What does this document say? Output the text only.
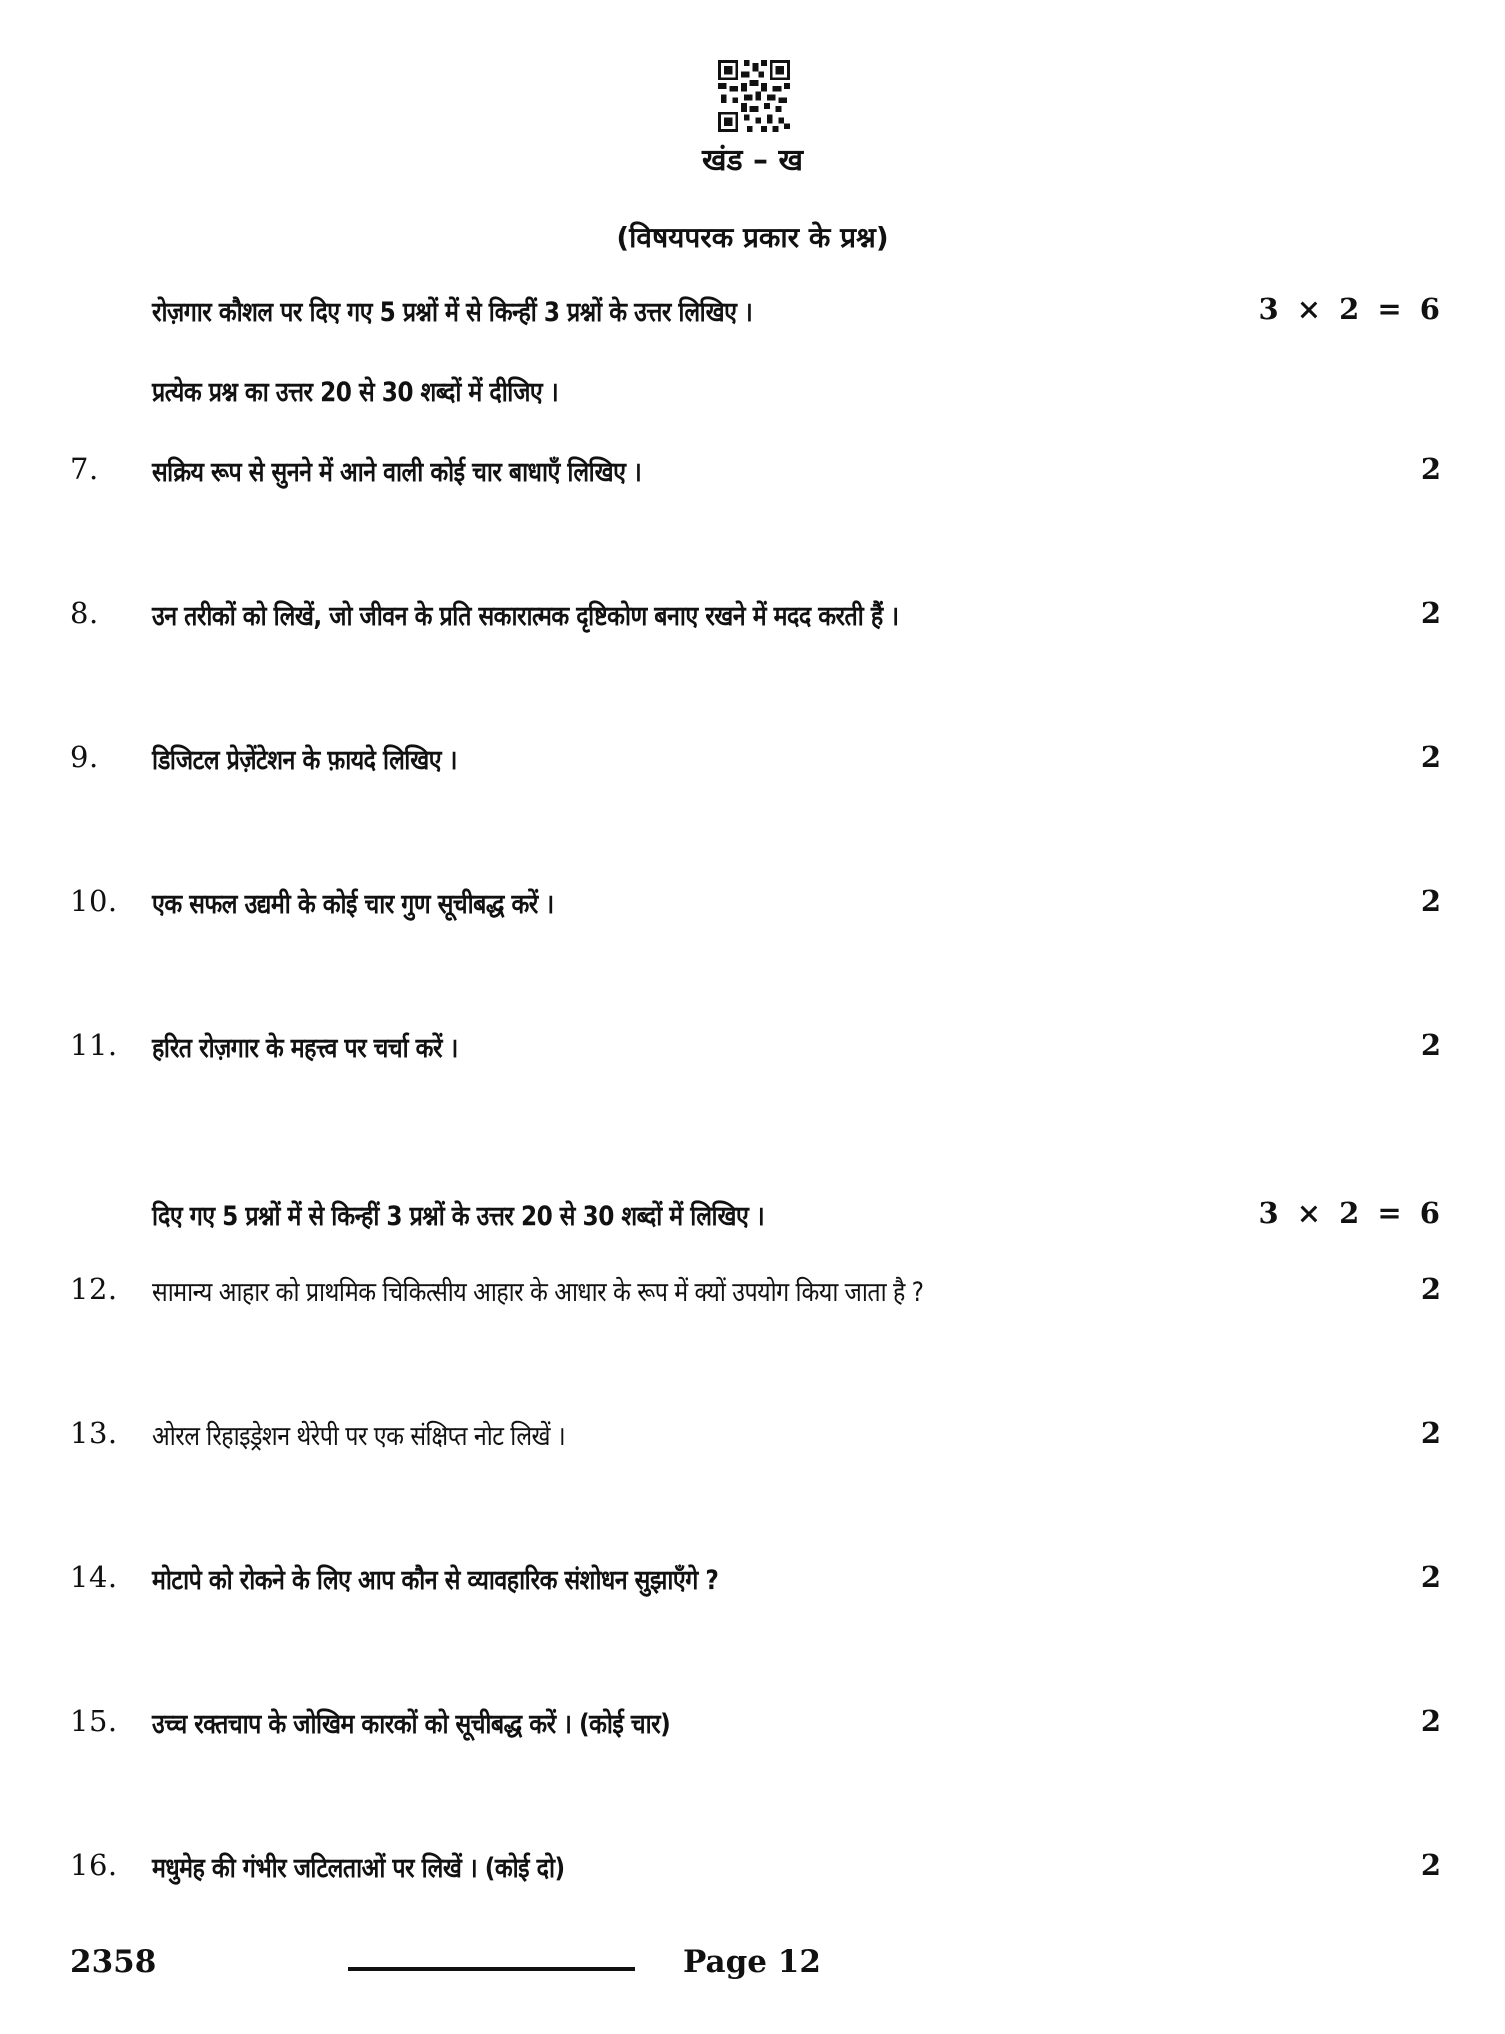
खंड – ख
(विषयपरक प्रकार के प्रश्न)
रोज़गार कौशल पर दिए गए 5 प्रश्नों में से किन्हीं 3 प्रश्नों के उत्तर लिखिए ।	3 × 2 = 6
प्रत्येक प्रश्न का उत्तर 20 से 30 शब्दों में दीजिए ।
7. सक्रिय रूप से सुनने में आने वाली कोई चार बाधाएँ लिखिए ।	2
8. उन तरीकों को लिखें, जो जीवन के प्रति सकारात्मक दृष्टिकोण बनाए रखने में मदद करती हैं ।	2
9. डिजिटल प्रेज़ेंटेशन के फ़ायदे लिखिए ।	2
10. एक सफल उद्यमी के कोई चार गुण सूचीबद्ध करें ।	2
11. हरित रोज़गार के महत्त्व पर चर्चा करें ।	2
दिए गए 5 प्रश्नों में से किन्हीं 3 प्रश्नों के उत्तर 20 से 30 शब्दों में लिखिए ।	3 × 2 = 6
12. सामान्य आहार को प्राथमिक चिकित्सीय आहार के आधार के रूप में क्यों उपयोग किया जाता है ?	2
13. ओरल रिहाइड्रेशन थेरेपी पर एक संक्षिप्त नोट लिखें ।	2
14. मोटापे को रोकने के लिए आप कौन से व्यावहारिक संशोधन सुझाएँगे ?	2
15. उच्च रक्तचाप के जोखिम कारकों को सूचीबद्ध करें । (कोई चार)	2
16. मधुमेह की गंभीर जटिलताओं पर लिखें । (कोई दो)	2
2358	Page 12
